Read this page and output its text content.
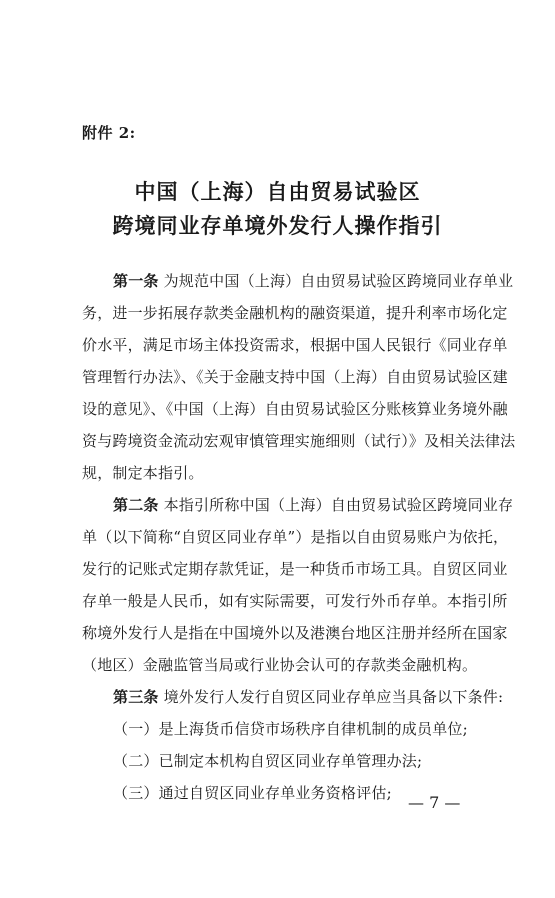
附件 2:
中国（上海）自由贸易试验区
跨境同业存单境外发行人操作指引
第一条 为规范中国（上海）自由贸易试验区跨境同业存单业
务，进一步拓展存款类金融机构的融资渠道，提升利率市场化定
价水平，满足市场主体投资需求，根据中国人民银行《同业存单
管理暂行办法》、《关于金融支持中国（上海）自由贸易试验区建
设的意见》、《中国（上海）自由贸易试验区分账核算业务境外融
资与跨境资金流动宏观审慎管理实施细则（试行）》及相关法律法
规，制定本指引。
第二条 本指引所称中国（上海）自由贸易试验区跨境同业存
单（以下简称“自贸区同业存单”）是指以自由贸易账户为依托，
发行的记账式定期存款凭证，是一种货币市场工具。自贸区同业
存单一般是人民币，如有实际需要，可发行外币存单。本指引所
称境外发行人是指在中国境外以及港澳台地区注册并经所在国家
（地区）金融监管当局或行业协会认可的存款类金融机构。
第三条 境外发行人发行自贸区同业存单应当具备以下条件:
（一）是上海货币信贷市场秩序自律机制的成员单位;
（二）已制定本机构自贸区同业存单管理办法;
（三）通过自贸区同业存单业务资格评估; — 7 —
